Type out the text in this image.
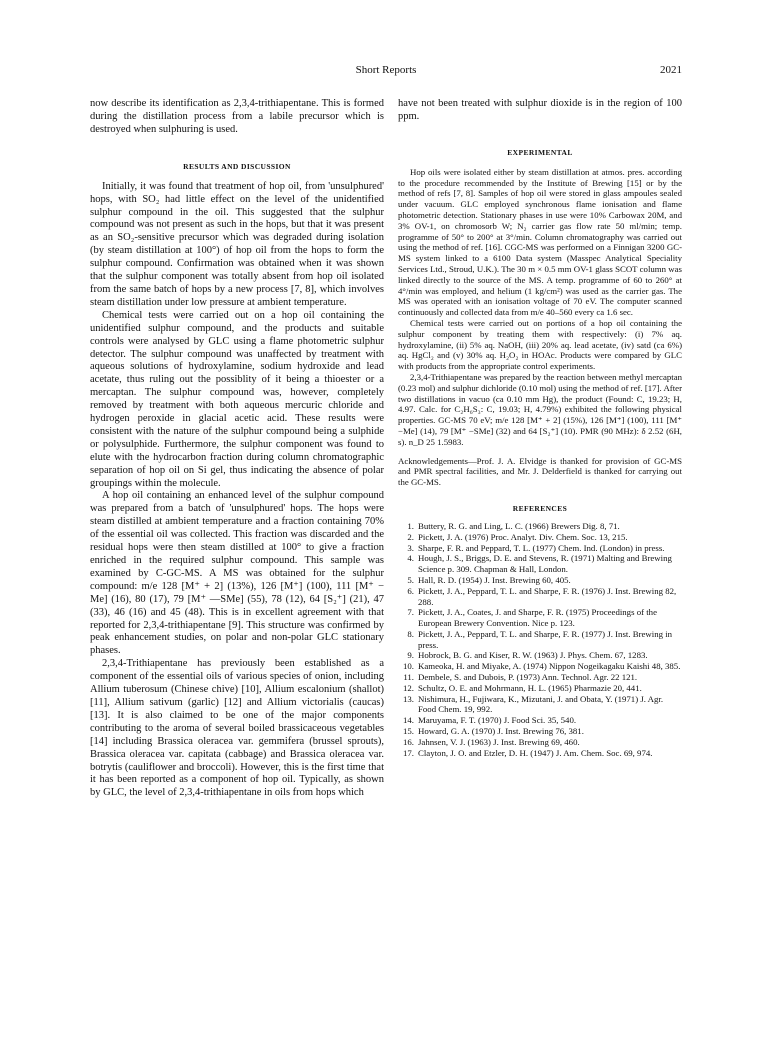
Short Reports	2021

now describe its identification as 2,3,4-trithiapentane. This is formed during the distillation process from a labile precursor which is destroyed when sulphuring is used.

RESULTS AND DISCUSSION

Initially, it was found that treatment of hop oil, from 'unsulphured' hops, with SO₂ had little effect on the level of the unidentified sulphur compound in the oil. This suggested that the sulphur compound was not present as such in the hops, but that it was present as an SO₂-sensitive precursor which was degraded during isolation (by steam distillation at 100°) of hop oil from the hops to form the sulphur compound. Confirmation was obtained when it was shown that the sulphur component was totally absent from hop oil isolated from the same batch of hops by a new process [7, 8], which involves steam distillation under low pressure at ambient temperature.

Chemical tests were carried out on a hop oil containing the unidentified sulphur compound, and the products and suitable controls were analysed by GLC using a flame photometric sulphur detector. The sulphur compound was unaffected by treatment with aqueous solutions of hydroxylamine, sodium hydroxide and lead acetate, thus ruling out the possiblity of it being a thioester or a mercaptan. The sulphur compound was, however, completely removed by treatment with both aqueous mercuric chloride and hydrogen peroxide in glacial acetic acid. These results were consistent with the nature of the sulphur compound being a sulphide or polysulphide. Furthermore, the sulphur component was found to elute with the hydrocarbon fraction during column chromatographic separation of hop oil on Si gel, thus indicating the absence of polar groupings within the molecule.

A hop oil containing an enhanced level of the sulphur compound was prepared from a batch of 'unsulphured' hops. The hops were steam distilled at ambient temperature and a fraction containing 70% of the essential oil was collected. This fraction was discarded and the residual hops were then steam distilled at 100° to give a fraction enriched in the required sulphur compound. This sample was examined by C-GC-MS. A MS was obtained for the sulphur compound: m/e 128 [M⁺ + 2] (13%), 126 [M⁺] (100), 111 [M⁺ − Me] (16), 80 (17), 79 [M⁺ —SMe] (55), 78 (12), 64 [S₂⁺] (21), 47 (33), 46 (16) and 45 (48). This is in excellent agreement with that reported for 2,3,4-trithiapentane [9]. This structure was confirmed by peak enhancement studies, on polar and non-polar GLC stationary phases.

2,3,4-Trithiapentane has previously been established as a component of the essential oils of various species of onion, including Allium tuberosum (Chinese chive) [10], Allium escalonium (shallot) [11], Allium sativum (garlic) [12] and Allium victorialis (caucas) [13]. It is also claimed to be one of the major components contributing to the aroma of several boiled brassicaceous vegetables [14] including Brassica oleracea var. gemmifera (brussel sprouts), Brassica oleracea var. capitata (cabbage) and Brassica oleracea var. botrytis (cauliflower and broccoli). However, this is the first time that it has been reported as a component of hop oil. Typically, as shown by GLC, the level of 2,3,4-trithiapentane in oils from hops which

have not been treated with sulphur dioxide is in the region of 100 ppm.

EXPERIMENTAL

Hop oils were isolated either by steam distillation at atmos. pres. according to the procedure recommended by the Institute of Brewing [15] or by the method of refs [7, 8]. Samples of hop oil were stored in glass ampoules sealed under vacuum. GLC employed synchronous flame ionisation and flame photometric detection. Stationary phases in use were 10% Carbowax 20M, and 3% OV-1, on chromosorb W; N₂ carrier gas flow rate 50 ml/min; temp. programme of 50° to 200° at 3°/min. Column chromatography was carried out using the method of ref. [16]. CGC-MS was performed on a Finnigan 3200 GC-MS system linked to a 6100 Data system (Masspec Analytical Speciality Services Ltd., Stroud, U.K.). The 30 m × 0.5 mm OV-1 glass SCOT column was linked directly to the source of the MS. A temp. programme of 60 to 260° at 4°/min was employed, and helium (1 kg/cm²) was used as the carrier gas. The MS was operated with an ionisation voltage of 70 eV. The computer scanned continuously and collected data from m/e 40–560 every ca 1.6 sec.

Chemical tests were carried out on portions of a hop oil containing the sulphur component by treating them with respectively: (i) 7% aq. hydroxylamine, (ii) 5% aq. NaOH, (iii) 20% aq. lead acetate, (iv) satd (ca 6%) aq. HgCl₂ and (v) 30% aq. H₂O₂ in HOAc. Products were compared by GLC with products from the appropriate control experiments.

2,3,4-Trithiapentane was prepared by the reaction between methyl mercaptan (0.23 mol) and sulphur dichloride (0.10 mol) using the method of ref. [17]. After two distillations in vacuo (ca 0.10 mm Hg), the product (Found: C, 19.23; H, 4.97. Calc. for C₂H₆S₃: C, 19.03; H, 4.79%) exhibited the following physical properties. GC-MS 70 eV; m/e 128 [M⁺ + 2] (15%), 126 [M⁺] (100), 111 [M⁺ −Me] (14), 79 [M⁺ −SMe] (32) and 64 [S₂⁺] (10). PMR (90 MHz): δ 2.52 (6H, s). n_D 25 1.5983.

Acknowledgements—Prof. J. A. Elvidge is thanked for provision of GC-MS and PMR spectral facilities, and Mr. J. Delderfield is thanked for carrying out the GC-MS.

REFERENCES
1. Buttery, R. G. and Ling, L. C. (1966) Brewers Dig. 8, 71.
2. Pickett, J. A. (1976) Proc. Analyt. Div. Chem. Soc. 13, 215.
3. Sharpe, F. R. and Peppard, T. L. (1977) Chem. Ind. (London) in press.
4. Hough, J. S., Briggs, D. E. and Stevens, R. (1971) Malting and Brewing Science p. 309. Chapman & Hall, London.
5. Hall, R. D. (1954) J. Inst. Brewing 60, 405.
6. Pickett, J. A., Peppard, T. L. and Sharpe, F. R. (1976) J. Inst. Brewing 82, 288.
7. Pickett, J. A., Coates, J. and Sharpe, F. R. (1975) Proceedings of the European Brewery Convention. Nice p. 123.
8. Pickett, J. A., Peppard, T. L. and Sharpe, F. R. (1977) J. Inst. Brewing in press.
9. Hobrock, B. G. and Kiser, R. W. (1963) J. Phys. Chem. 67, 1283.
10. Kameoka, H. and Miyake, A. (1974) Nippon Nogeikagaku Kaishi 48, 385.
11. Dembele, S. and Dubois, P. (1973) Ann. Technol. Agr. 22 121.
12. Schultz, O. E. and Mohrmann, H. L. (1965) Pharmazie 20, 441.
13. Nishimura, H., Fujiwara, K., Mizutani, J. and Obata, Y. (1971) J. Agr. Food Chem. 19, 992.
14. Maruyama, F. T. (1970) J. Food Sci. 35, 540.
15. Howard, G. A. (1970) J. Inst. Brewing 76, 381.
16. Jahnsen, V. J. (1963) J. Inst. Brewing 69, 460.
17. Clayton, J. O. and Etzler, D. H. (1947) J. Am. Chem. Soc. 69, 974.
